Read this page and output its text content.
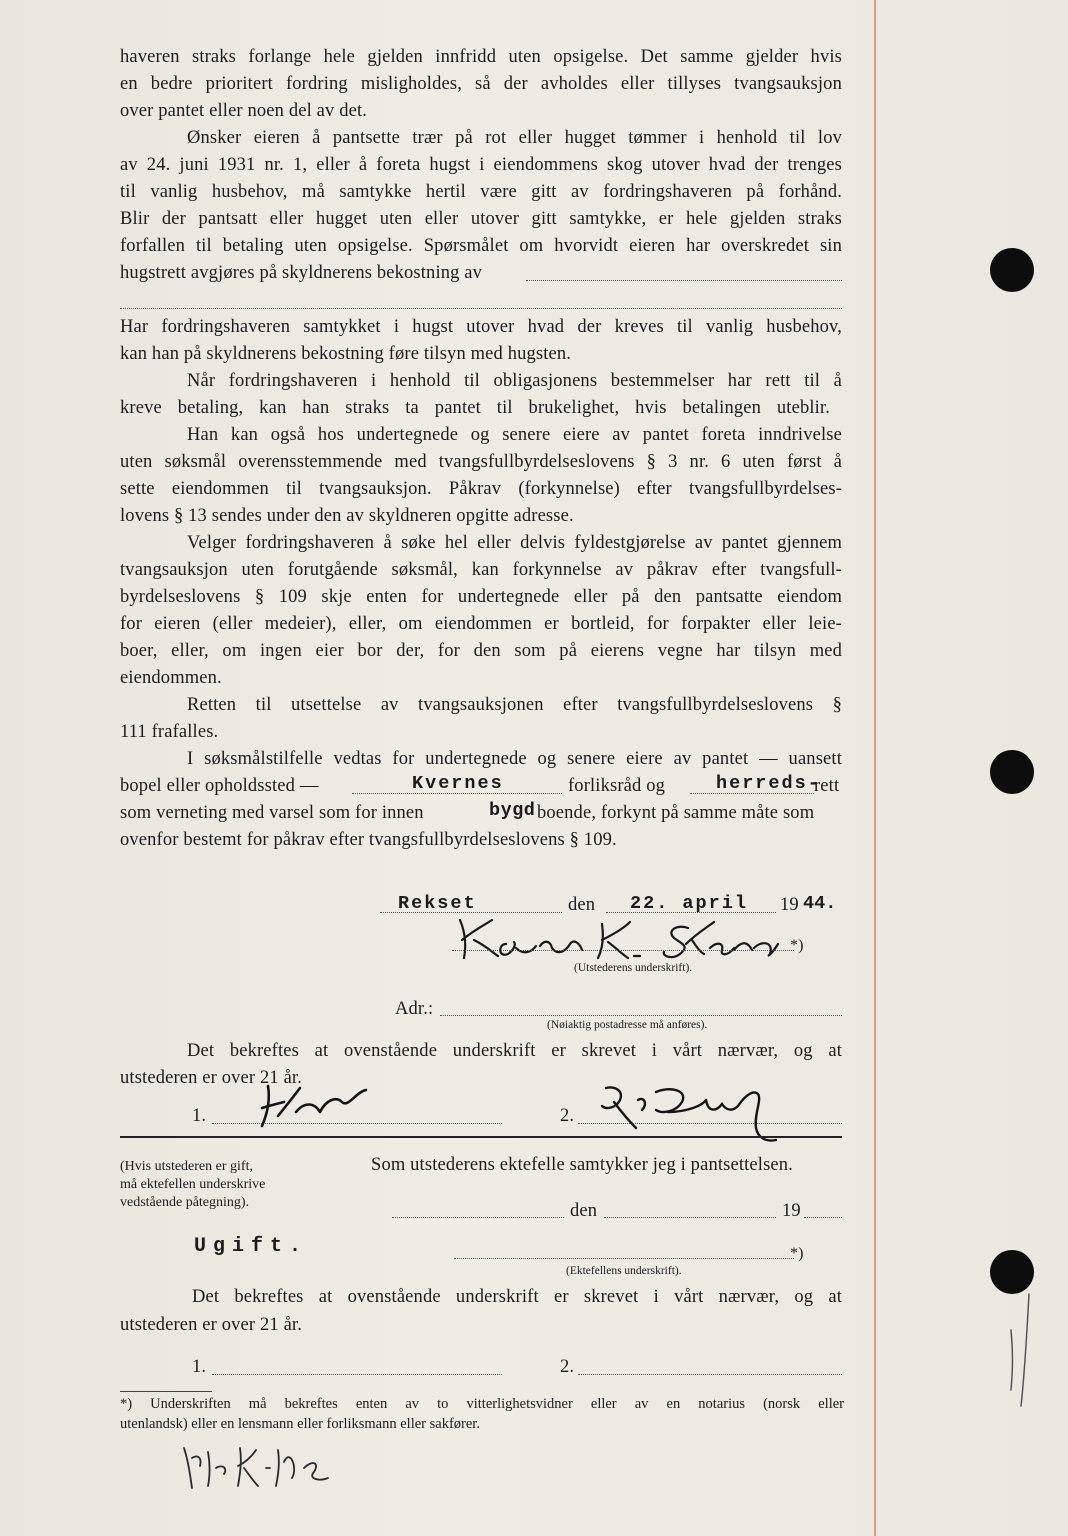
haveren straks forlange hele gjelden innfridd uten opsigelse. Det samme gjelder hvis
en bedre prioritert fordring misligholdes, så der avholdes eller tillyses tvangsauksjon
over pantet eller noen del av det.
Ønsker eieren å pantsette trær på rot eller hugget tømmer i henhold til lov
av 24. juni 1931 nr. 1, eller å foreta hugst i eiendommens skog utover hvad der trenges
til vanlig husbehov, må samtykke hertil være gitt av fordringshaveren på forhånd.
Blir der pantsatt eller hugget uten eller utover gitt samtykke, er hele gjelden straks
forfallen til betaling uten opsigelse. Spørsmålet om hvorvidt eieren har overskredet sin
hugstrett avgjøres på skyldnerens bekostning av
Har fordringshaveren samtykket i hugst utover hvad der kreves til vanlig husbehov,
kan han på skyldnerens bekostning føre tilsyn med hugsten.
Når fordringshaveren i henhold til obligasjonens bestemmelser har rett til å
kreve betaling, kan han straks ta pantet til brukelighet, hvis betalingen uteblir.
Han kan også hos undertegnede og senere eiere av pantet foreta inndrivelse
uten søksmål overensstemmende med tvangsfullbyrdelseslovens § 3 nr. 6 uten først å
sette eiendommen til tvangsauksjon. Påkrav (forkynnelse) efter tvangsfullbyrdelses-
lovens § 13 sendes under den av skyldneren opgitte adresse.
Velger fordringshaveren å søke hel eller delvis fyldestgjørelse av pantet gjennem
tvangsauksjon uten forutgående søksmål, kan forkynnelse av påkrav efter tvangsfull-
byrdelseslovens § 109 skje enten for undertegnede eller på den pantsatte eiendom
for eieren (eller medeier), eller, om eiendommen er bortleid, for forpakter eller leie-
boer, eller, om ingen eier bor der, for den som på eierens vegne har tilsyn med
eiendommen.
Retten til utsettelse av tvangsauksjonen efter tvangsfullbyrdelseslovens §
111 frafalles.
I søksmålstilfelle vedtas for undertegnede og senere eiere av pantet — uansett
bopel eller opholdssted —	Kvernes	forliksråd og	herreds-
rett
som verneting med varsel som for innen	bygd boende, forkynt på samme måte som
ovenfor bestemt for påkrav efter tvangsfullbyrdelseslovens § 109.
Rekset	den 22. april 19 44.
*)
(Utstederens underskrift).
Adr.:
(Nøiaktig postadresse må anføres).
Det bekreftes at ovenstående underskrift er skrevet i vårt nærvær, og at
utstederen er over 21 år.
1.	2.
(Hvis utstederen er gift,
må ektefellen underskrive
vedstående påtegning).
Som utstederens ektefelle samtykker jeg i pantsettelsen.
den	19
Ugift.	*)
(Ektefellens underskrift).
Det bekreftes at ovenstående underskrift er skrevet i vårt nærvær, og at
utstederen er over 21 år.
1.	2.
*) Underskriften må bekreftes enten av to vitterlighetsvidner eller av en notarius (norsk eller
utenlandsk) eller en lensmann eller forliksmann eller sakfører.
